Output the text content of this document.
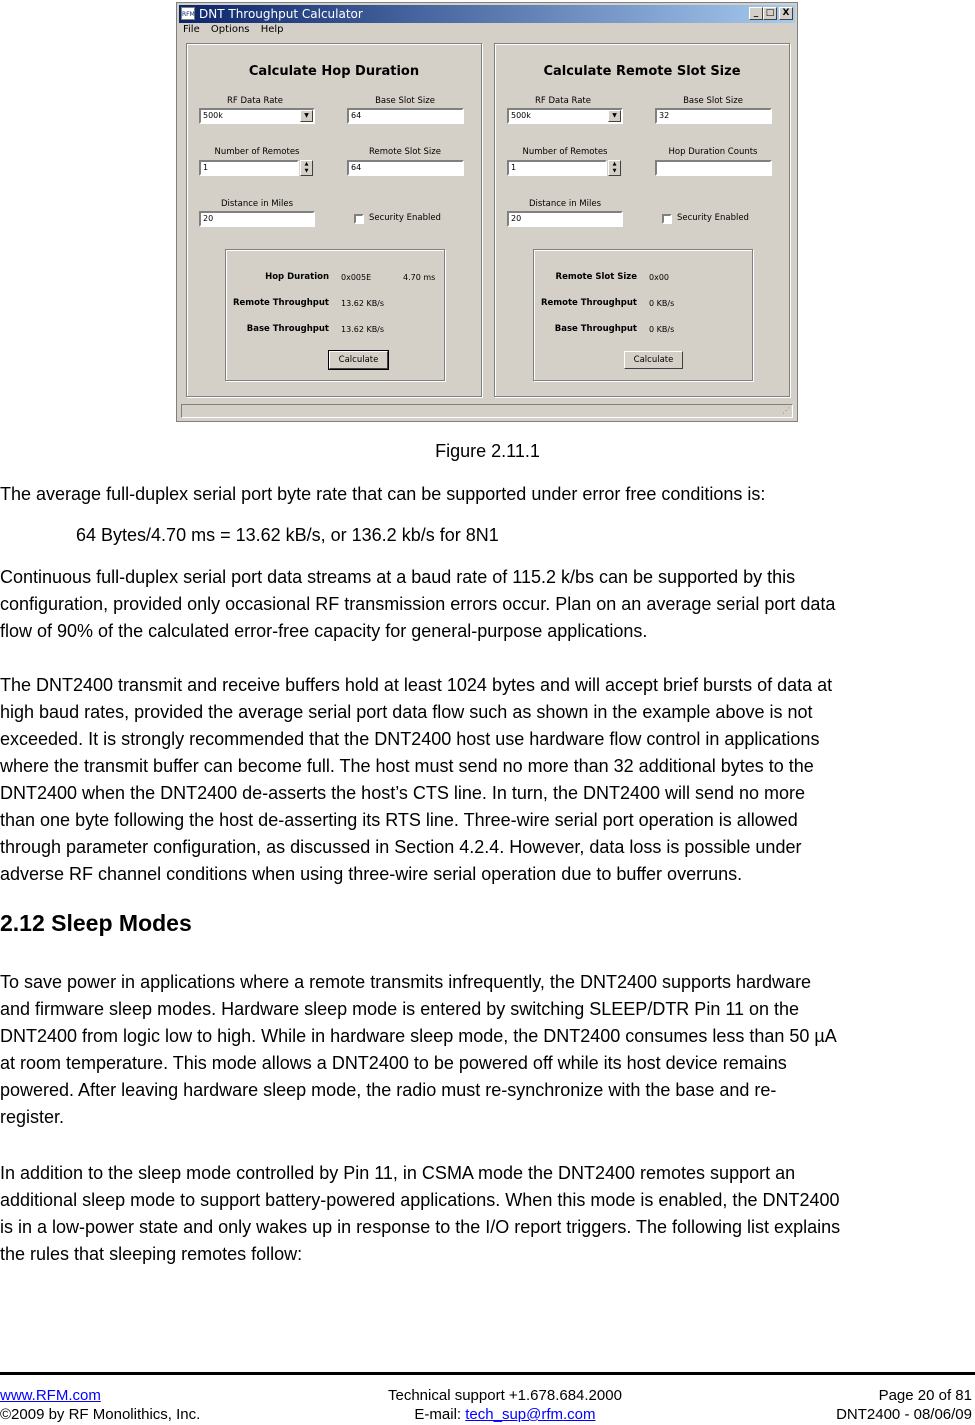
RFM DNT Throughput Calculator	_ □ X
File Options Help
Calculate Hop Duration
RF Data Rate
500k	▼
Base Slot Size
64
Number of Remotes
1	▲
▼
Remote Slot Size
64
Distance in Miles
20	Security Enabled
Hop Duration 0x005E	4.70 ms
Remote Throughput 13.62 KB/s
Base Throughput 13.62 KB/s
Calculate
Calculate Remote Slot Size
RF Data Rate
500k	▼
Base Slot Size
32
Number of Remotes
1	▲
▼
Hop Duration Counts
Distance in Miles
20	Security Enabled
Remote Slot Size 0x00
Remote Throughput 0 KB/s
Base Throughput 0 KB/s
Calculate
⋰
Figure 2.11.1
The average full-duplex serial port byte rate that can be supported under error free conditions is:
64 Bytes/4.70 ms = 13.62 kB/s, or 136.2 kb/s for 8N1
Continuous full-duplex serial port data streams at a baud rate of 115.2 k/bs can be supported by this
configuration, provided only occasional RF transmission errors occur. Plan on an average serial port data
flow of 90% of the calculated error-free capacity for general-purpose applications.
The DNT2400 transmit and receive buffers hold at least 1024 bytes and will accept brief bursts of data at
high baud rates, provided the average serial port data flow such as shown in the example above is not
exceeded. It is strongly recommended that the DNT2400 host use hardware flow control in applications
where the transmit buffer can become full. The host must send no more than 32 additional bytes to the
DNT2400 when the DNT2400 de-asserts the host’s CTS line. In turn, the DNT2400 will send no more
than one byte following the host de-asserting its RTS line. Three-wire serial port operation is allowed
through parameter configuration, as discussed in Section 4.2.4. However, data loss is possible under
adverse RF channel conditions when using three-wire serial operation due to buffer overruns.
2.12 Sleep Modes
To save power in applications where a remote transmits infrequently, the DNT2400 supports hardware
and firmware sleep modes. Hardware sleep mode is entered by switching SLEEP/DTR Pin 11 on the
DNT2400 from logic low to high. While in hardware sleep mode, the DNT2400 consumes less than 50 µA
at room temperature. This mode allows a DNT2400 to be powered off while its host device remains
powered. After leaving hardware sleep mode, the radio must re-synchronize with the base and re-
register.
In addition to the sleep mode controlled by Pin 11, in CSMA mode the DNT2400 remotes support an
additional sleep mode to support battery-powered applications. When this mode is enabled, the DNT2400
is in a low-power state and only wakes up in response to the I/O report triggers. The following list explains
the rules that sleeping remotes follow:
www.RFM.com
©2009 by RF Monolithics, Inc.
Technical support +1.678.684.2000
E-mail: tech_sup@rfm.com
Page 20 of 81
DNT2400 - 08/06/09
